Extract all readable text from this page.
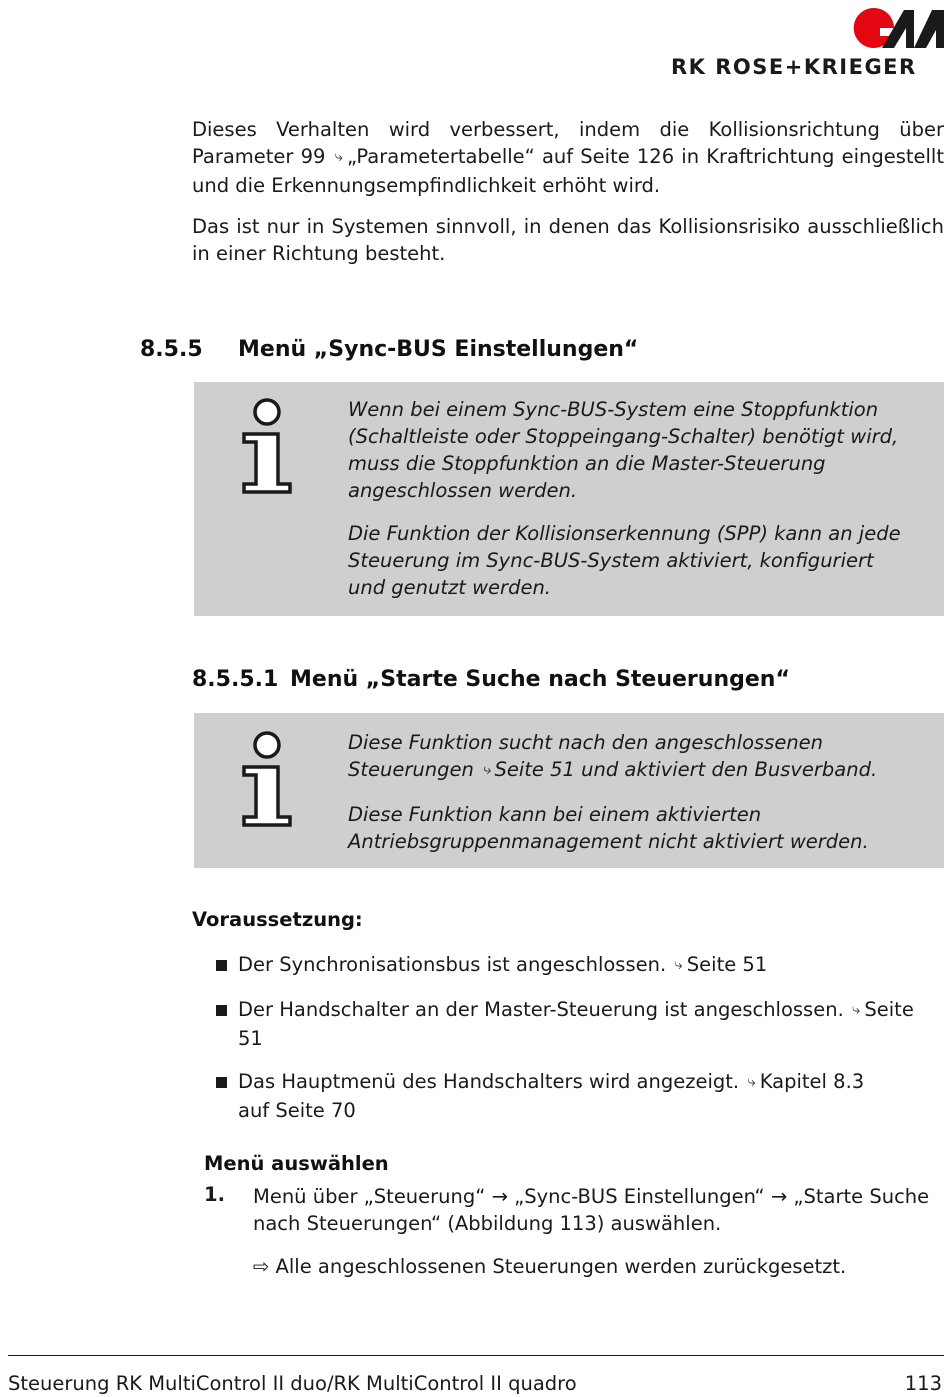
RK ROSE+KRIEGER
Dieses Verhalten wird verbessert, indem die Kollisionsrichtung über Parameter 99 ⤷ „Parametertabelle“ auf Seite 126 in Kraftrichtung eingestellt und die Erkennungsempfindlichkeit erhöht wird.
Das ist nur in Systemen sinnvoll, in denen das Kollisionsrisiko ausschließlich in einer Richtung besteht.
8.5.5 Menü „Sync-BUS Einstellungen“

Wenn bei einem Sync-BUS-System eine Stoppfunktion (Schaltleiste oder Stoppeingang-Schalter) benötigt wird, muss die Stoppfunktion an die Master-Steuerung angeschlossen werden.

Die Funktion der Kollisionserkennung (SPP) kann an jede Steuerung im Sync-BUS-System aktiviert, konfiguriert und genutzt werden.

8.5.5.1 Menü „Starte Suche nach Steuerungen“

Diese Funktion sucht nach den angeschlossenen Steuerungen ⤷ Seite 51 und aktiviert den Busverband.

Diese Funktion kann bei einem aktivierten Antriebsgruppenmanagement nicht aktiviert werden.

Voraussetzung:
Der Synchronisationsbus ist angeschlossen. ⤷ Seite 51
Der Handschalter an der Master-Steuerung ist angeschlossen. ⤷ Seite 51
Das Hauptmenü des Handschalters wird angezeigt. ⤷ Kapitel 8.3
auf Seite 70
Menü auswählen
1. Menü über „Steuerung“ → „Sync-BUS Einstellungen“ → „Starte Suche nach Steuerungen“ (Abbildung 113) auswählen.
⇨ Alle angeschlossenen Steuerungen werden zurückgesetzt.
Steuerung RK MultiControl II duo/RK MultiControl II quadro	113
